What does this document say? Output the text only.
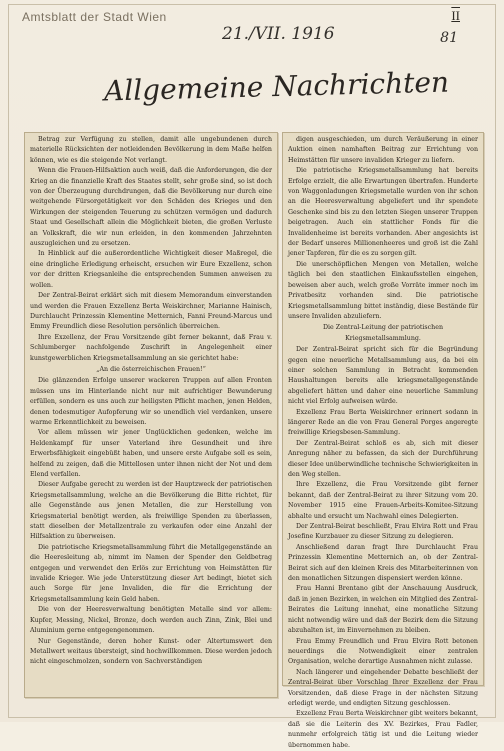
Amtsblatt der Stadt Wien	II
21./VII. 1916	81
Allgemeine Nachrichten

Betrag zur Verfügung zu stellen, damit alle ungebundenen durch materielle Rücksichten der notleidenden Bevölkerung in dem Maße helfen können, wie es die steigende Not verlangt.

Wenn die Frauen-Hilfsaktion auch weiß, daß die Anforderungen, die der Krieg an die finanzielle Kraft des Staates stellt, sehr große sind, so ist doch von der Überzeugung durchdrungen, daß die Bevölkerung nur durch eine weitgehende Fürsorgetätigkeit vor den Schäden des Krieges und den Wirkungen der steigenden Teuerung zu schützen vermögen und dadurch Staat und Gesellschaft allein die Möglichkeit bieten, die großen Verluste an Volkskraft, die wir nun erleiden, in den kommenden Jahrzehnten auszugleichen und zu ersetzen.

In Hinblick auf die außerordentliche Wichtigkeit dieser Maßregel, die eine dringliche Erledigung erheischt, ersuchen wir Eure Exzellenz, schon vor der dritten Kriegsanleihe die entsprechenden Summen anweisen zu wollen.

Der Zentral-Beirat erklärt sich mit diesem Memorandum einverstanden und werden die Frauen Exzellenz Berta Weiskirchner, Marianne Hainisch, Durchlaucht Prinzessin Klementine Metternich, Fanni Freund-Marcus und Emmy Freundlich diese Resolution persönlich überreichen.

Ihre Exzellenz, der Frau Vorsitzende gibt ferner bekannt, daß Frau v. Schlumberger nachfolgende Zuschrift in Angelegenheit einer kunstgewerblichen Kriegsmetallsammlung an sie gerichtet habe:

„An die österreichischen Frauen!“

Die glänzenden Erfolge unserer wackeren Truppen auf allen Fronten müssen uns im Hinterlande nicht nur mit aufrichtiger Bewunderung erfüllen, sondern es uns auch zur heiligsten Pflicht machen, jenen Helden, denen todesmutiger Aufopferung wir so unendlich viel verdanken, unsere warme Erkenntlichkeit zu beweisen.

Vor allem müssen wir jener Unglücklichen gedenken, welche im Heldenkampf für unser Vaterland ihre Gesundheit und ihre Erwerbsfähigkeit eingebüßt haben, und unsere erste Aufgabe soll es sein, helfend zu zeigen, daß die Mittellosen unter ihnen nicht der Not und dem Elend verfallen.

Dieser Aufgabe gerecht zu werden ist der Hauptzweck der patriotischen Kriegsmetallsammlung, welche an die Bevölkerung die Bitte richtet, für alle Gegenstände aus jenen Metallen, die zur Herstellung von Kriegsmaterial benötigt werden, als freiwillige Spenden zu überlassen, statt dieselben der Metallzentrale zu verkaufen oder eine Anzahl der Hilfsaktion zu überweisen.

Die patriotische Kriegsmetallsammlung führt die Metallgegenstände an die Heeresleitung ab, nimmt im Namen der Spender den Geldbetrag entgegen und verwendet den Erlös zur Errichtung von Heimstätten für invalide Krieger. Wie jede Unterstützung dieser Art bedingt, bietet sich auch Sorge für jene Invaliden, die für die Errichtung der Kriegsmetallsammlung kein Geld haben.

Die von der Heeresverwaltung benötigten Metalle sind vor allem: Kupfer, Messing, Nickel, Bronze, doch werden auch Zinn, Zink, Blei und Aluminium gerne entgegengenommen.

Nur Gegenstände, deren hoher Kunst- oder Altertumswert den Metallwert weitaus übersteigt, sind hochwillkommen. Diese werden jedoch nicht eingeschmolzen, sondern von Sachverständigen

digen ausgeschieden, um durch Veräußerung in einer Auktion einen namhaften Beitrag zur Errichtung von Heimstätten für unsere invaliden Krieger zu liefern.

Die patriotische Kriegsmetallsammlung hat bereits Erfolge erzielt, die alle Erwartungen übertrafen. Hunderte von Waggonladungen Kriegsmetalle wurden von ihr schon an die Heeresverwaltung abgeliefert und ihr spendete Geschenke sind bis zu den letzten Siegen unserer Truppen beigetragen. Auch ein stattlicher Fonds für die Invalidenheime ist bereits vorhanden. Aber angesichts ist der Bedarf unseres Millionenheeres und groß ist die Zahl jener Tapferen, für die es zu sorgen gilt.

Die unerschöpflichen Mengen von Metallen, welche täglich bei den staatlichen Einkaufsstellen eingehen, beweisen aber auch, welch große Vorräte immer noch im Privatbesitz vorhanden sind. Die patriotische Kriegsmetallsammlung bittet inständig, diese Bestände für unsere Invaliden abzuliefern.

Die Zentral-Leitung der patriotischen Kriegsmetallsammlung.

Der Zentral-Beirat spricht sich für die Begründung gegen eine neuerliche Metallsammlung aus, da bei ein einer solchen Sammlung in Betracht kommenden Haushaltungen bereits alle kriegsmetallgegenstände abgeliefert hätten und daher eine neuerliche Sammlung nicht viel Erfolg aufweisen würde.

Exzellenz Frau Berta Weiskirchner erinnert sodann in längerer Rede an die von Frau General Porges angeregte freiwillige Kriegsbesen-Sammlung.

Der Zentral-Beirat schloß es ab, sich mit dieser Anregung näher zu befassen, da sich der Durchführung dieser Idee unüberwindliche technische Schwierigkeiten in den Weg stellen.

Ihre Exzellenz, die Frau Vorsitzende gibt ferner bekannt, daß der Zentral-Beirat zu ihrer Sitzung vom 20. November 1915 eine Frauen-Arbeits-Komitee-Sitzung abhalte und ersucht um Nachwahl eines Delegierten.

Der Zentral-Beirat beschließt, Frau Elvira Rott und Frau Josefine Kurzbauer zu dieser Sitzung zu delegieren.

Anschließend daran fragt Ihre Durchlaucht Frau Prinzessin Klementine Metternich an, ob der Zentral-Beirat sich auf den kleinen Kreis des Mitarbeiterinnen von den monatlichen Sitzungen dispensiert werden könne.

Frau Hanni Brentano gibt der Anschauung Ausdruck, daß in jenen Bezirken, in welchen ein Mitglied des Zentral-Beirates die Leitung innehat, eine monatliche Sitzung nicht notwendig wäre und daß der Bezirk dem die Sitzung abzuhalten ist, im Einvernehmen zu bleiben.

Frau Emmy Freundlich und Frau Elvira Rott betonen neuerdings die Notwendigkeit einer zentralen Organisation, welche derartige Ausnahmen nicht zulasse.

Nach längerer und eingehender Debatte beschließt der Zentral-Beirat über Vorschlag Ihrer Exzellenz der Frau Vorsitzenden, daß diese Frage in der nächsten Sitzung erledigt werde, und endigten Sitzung geschlossen.

Exzellenz Frau Berta Weiskirchner gibt weiters bekannt, daß sie die Leiterin des XV. Bezirkes, Frau Fadler, nunmehr erfolgreich tätig ist und die Leitung wieder übernommen habe.
